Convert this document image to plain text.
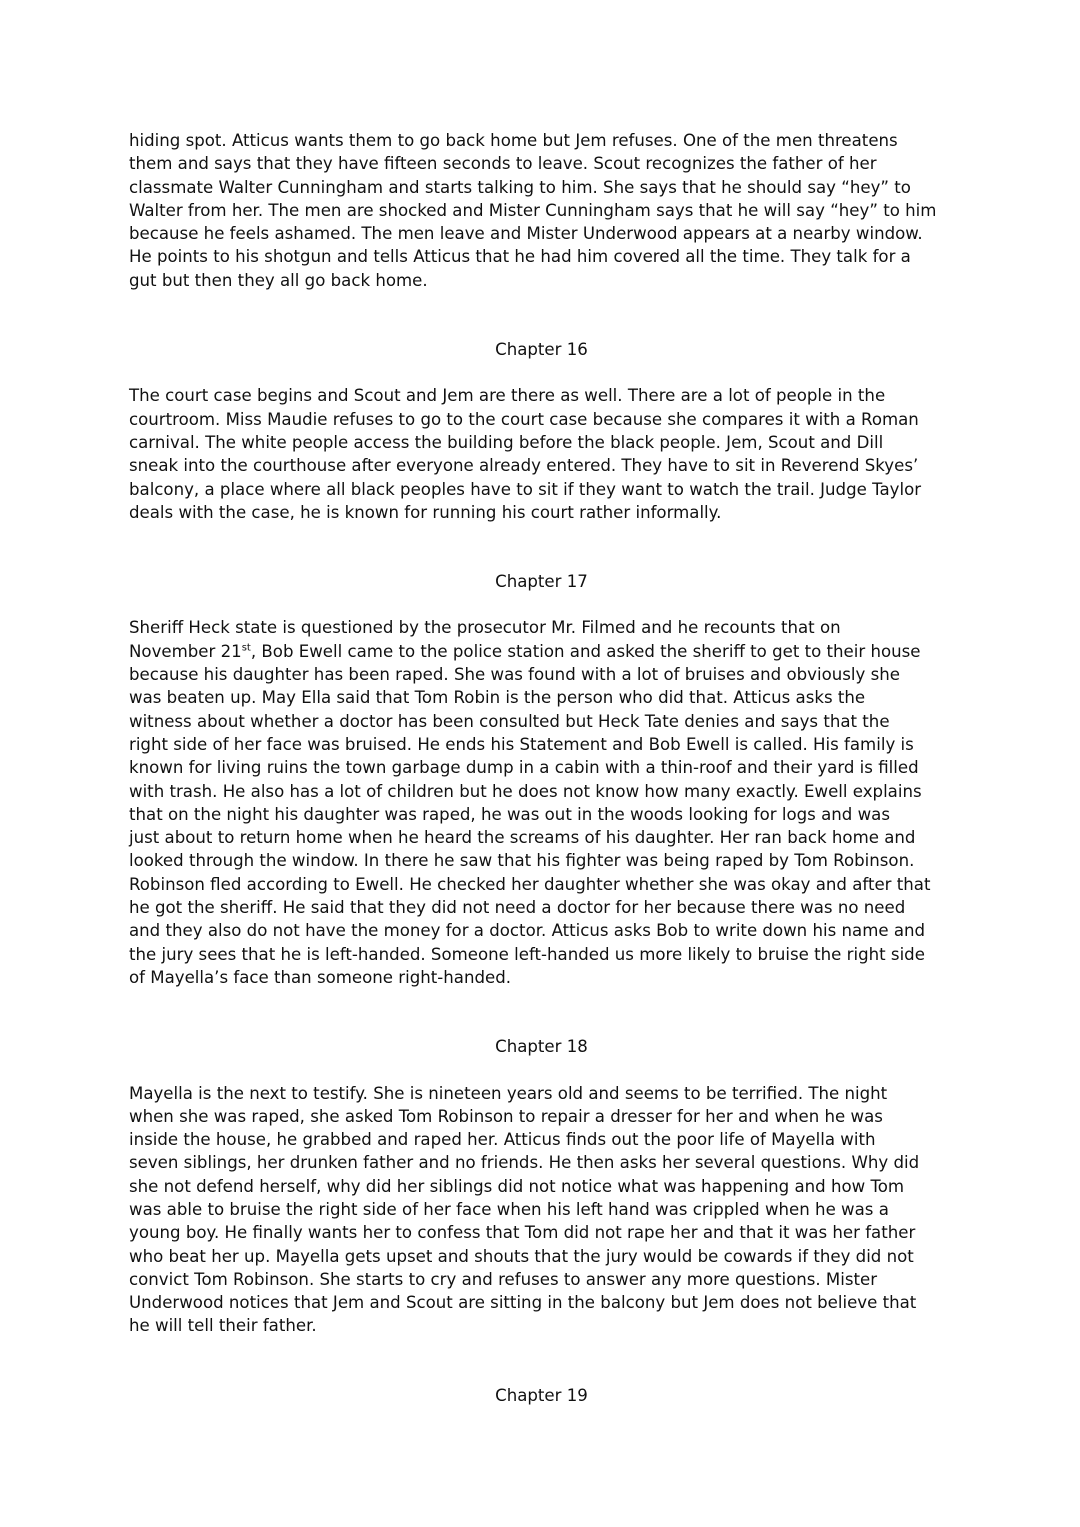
hiding spot. Atticus wants them to go back home but Jem refuses. One of the men threatens
them and says that they have fifteen seconds to leave. Scout recognizes the father of her
classmate Walter Cunningham and starts talking to him. She says that he should say “hey” to
Walter from her. The men are shocked and Mister Cunningham says that he will say “hey” to him
because he feels ashamed. The men leave and Mister Underwood appears at a nearby window.
He points to his shotgun and tells Atticus that he had him covered all the time. They talk for a
gut but then they all go back home.
Chapter 16
The court case begins and Scout and Jem are there as well. There are a lot of people in the
courtroom. Miss Maudie refuses to go to the court case because she compares it with a Roman
carnival. The white people access the building before the black people. Jem, Scout and Dill
sneak into the courthouse after everyone already entered. They have to sit in Reverend Skyes’
balcony, a place where all black peoples have to sit if they want to watch the trail. Judge Taylor
deals with the case, he is known for running his court rather informally.
Chapter 17
Sheriff Heck state is questioned by the prosecutor Mr. Filmed and he recounts that on
November 21st, Bob Ewell came to the police station and asked the sheriff to get to their house
because his daughter has been raped. She was found with a lot of bruises and obviously she
was beaten up. May Ella said that Tom Robin is the person who did that. Atticus asks the
witness about whether a doctor has been consulted but Heck Tate denies and says that the
right side of her face was bruised. He ends his Statement and Bob Ewell is called. His family is
known for living ruins the town garbage dump in a cabin with a thin-roof and their yard is filled
with trash. He also has a lot of children but he does not know how many exactly. Ewell explains
that on the night his daughter was raped, he was out in the woods looking for logs and was
just about to return home when he heard the screams of his daughter. Her ran back home and
looked through the window. In there he saw that his fighter was being raped by Tom Robinson.
Robinson fled according to Ewell. He checked her daughter whether she was okay and after that
he got the sheriff. He said that they did not need a doctor for her because there was no need
and they also do not have the money for a doctor. Atticus asks Bob to write down his name and
the jury sees that he is left-handed. Someone left-handed us more likely to bruise the right side
of Mayella’s face than someone right-handed.
Chapter 18
Mayella is the next to testify. She is nineteen years old and seems to be terrified. The night
when she was raped, she asked Tom Robinson to repair a dresser for her and when he was
inside the house, he grabbed and raped her. Atticus finds out the poor life of Mayella with
seven siblings, her drunken father and no friends. He then asks her several questions. Why did
she not defend herself, why did her siblings did not notice what was happening and how Tom
was able to bruise the right side of her face when his left hand was crippled when he was a
young boy. He finally wants her to confess that Tom did not rape her and that it was her father
who beat her up. Mayella gets upset and shouts that the jury would be cowards if they did not
convict Tom Robinson. She starts to cry and refuses to answer any more questions. Mister
Underwood notices that Jem and Scout are sitting in the balcony but Jem does not believe that
he will tell their father.
Chapter 19
